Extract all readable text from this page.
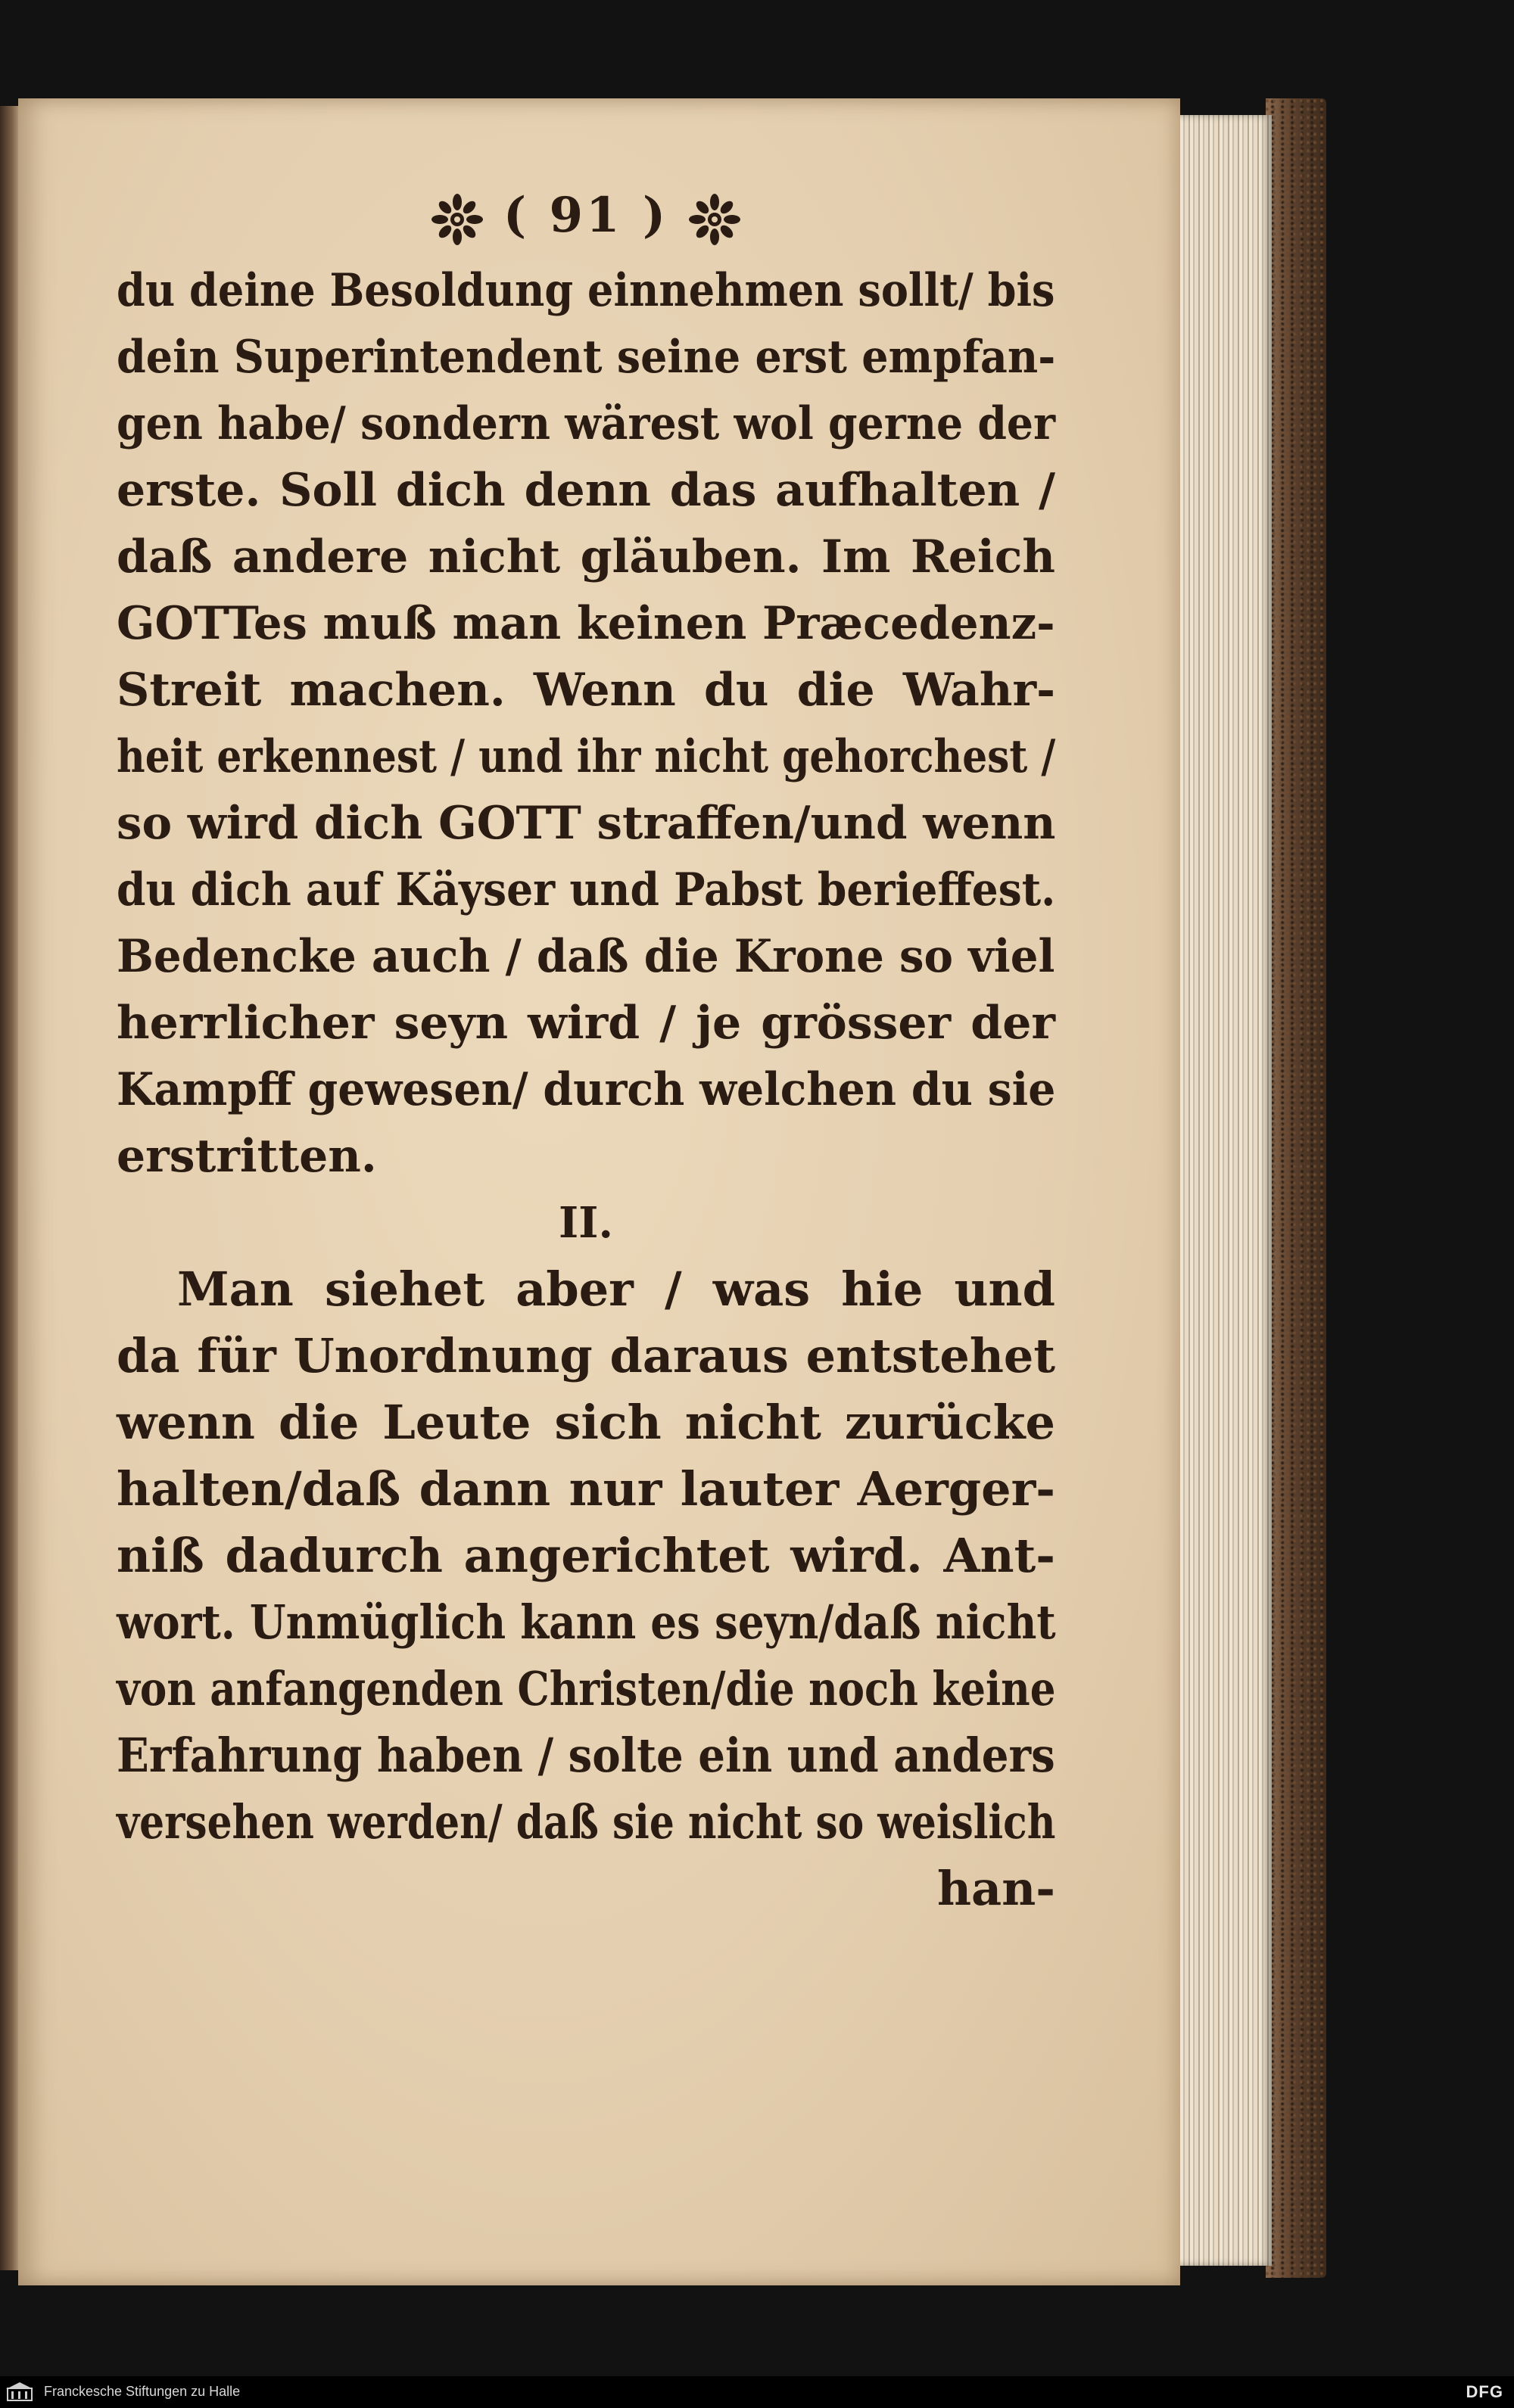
( 91 )
du deine Besoldung einnehmen sollt/ bis
dein Superintendent seine erst empfan-
gen habe/ sondern wärest wol gerne der
erste. Soll dich denn das aufhalten /
daß andere nicht gläuben. Im Reich
GOTTes muß man keinen Præcedenz-
Streit machen. Wenn du die Wahr-
heit erkennest / und ihr nicht gehorchest /
so wird dich GOTT straffen/und wenn
du dich auf Käyser und Pabst berieffest.
Bedencke auch / daß die Krone so viel
herrlicher seyn wird / je grösser der
Kampff gewesen/ durch welchen du sie
erstritten.
II.
Man siehet aber / was hie und
da für Unordnung daraus entstehet
wenn die Leute sich nicht zurücke
halten/daß dann nur lauter Aerger-
niß dadurch angerichtet wird. Ant-
wort. Unmüglich kann es seyn/daß nicht
von anfangenden Christen/die noch keine
Erfahrung haben / solte ein und anders
versehen werden/ daß sie nicht so weislich
han-
Franckesche Stiftungen zu Halle	DFG
